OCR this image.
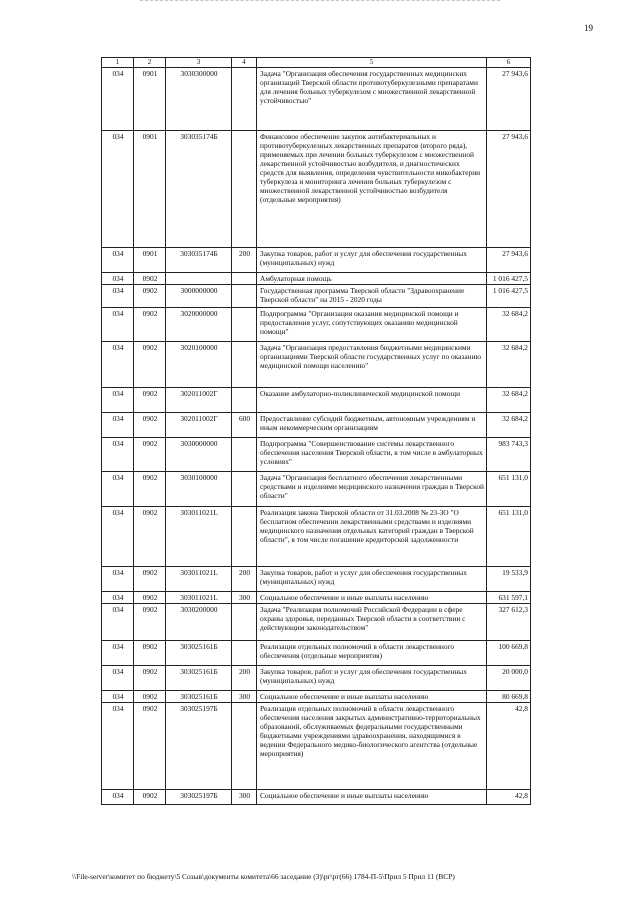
19
1	2	3	4	5	6
034	0901	3030300000		Задача "Организация обеспечения государственных медицинских организаций Тверской области противотуберкулезными препаратами для лечения больных туберкулезом с множественной лекарственной устойчивостью"	27 943,6
034	0901	303035174Б		Финансовое обеспечение закупок антибактериальных и противотуберкулезных лекарственных препаратов (второго ряда), применяемых при лечении больных туберкулезом с множественной лекарственной устойчивостью возбудителя, и диагностических средств для выявления, определения чувствительности микобактерии туберкулеза и мониторинга лечения больных туберкулезом с множественной лекарственной устойчивостью возбудителя (отдельные мероприятия)	27 943,6
034	0901	303035174Б	200	Закупка товаров, работ и услуг для обеспечения государственных (муниципальных) нужд	27 943,6
034	0902			Амбулаторная помощь	1 016 427,5
034	0902	3000000000		Государственная программа Тверской области "Здравоохранение Тверской области" на 2015 - 2020 годы	1 016 427,5
034	0902	3020000000		Подпрограмма "Организация оказания медицинской помощи и предоставления услуг, сопутствующих оказанию медицинской помощи"	32 684,2
034	0902	3020100000		Задача "Организация предоставления бюджетными медицинскими организациями Тверской области государственных услуг по оказанию медицинской помощи населению"	32 684,2
034	0902	302011002Г		Оказание амбулаторно-поликлинической медицинской помощи	32 684,2
034	0902	302011002Г	600	Предоставление субсидий бюджетным, автономным учреждениям и иным некоммерческим организациям	32 684,2
034	0902	3030000000		Подпрограмма "Совершенствование системы лекарственного обеспечения населения Тверской области, в том числе в амбулаторных условиях"	983 743,3
034	0902	3030100000		Задача "Организация бесплатного обеспечения лекарственными средствами и изделиями медицинского назначения граждан в Тверской области"	651 131,0
034	0902	303011021L		Реализация закона Тверской области от 31.03.2008 № 23-ЗО "О бесплатном обеспечении лекарственными средствами и изделиями медицинского назначения отдельных категорий граждан в Тверской области", в том числе погашение кредиторской задолженности	651 131,0
034	0902	303011021L	200	Закупка товаров, работ и услуг для обеспечения государственных (муниципальных) нужд	19 533,9
034	0902	303011021L	300	Социальное обеспечение и иные выплаты населению	631 597,1
034	0902	3030200000		Задача "Реализация полномочий Российской Федерации в сфере охраны здоровья, переданных Тверской области в соответствии с действующим законодательством"	327 612,3
034	0902	303025161Б		Реализация отдельных полномочий в области лекарственного обеспечения (отдельные мероприятия)	100 669,8
034	0902	303025161Б	200	Закупка товаров, работ и услуг для обеспечения государственных (муниципальных) нужд	20 000,0
034	0902	303025161Б	300	Социальное обеспечение и иные выплаты населению	80 669,8
034	0902	303025197Б		Реализация отдельных полномочий в области лекарственного обеспечения населения закрытых административно-территориальных образований, обслуживаемых федеральными государственными бюджетными учреждениями здравоохранения, находящимися в ведении Федерального медико-биологического агентства (отдельные мероприятия)	42,8
034	0902	303025197Б	300	Социальное обеспечение и иные выплаты населению	42,8
\\File-server\комитет по бюджету\5 Созыв\документы комитета\66 заседание (3)\рг\рг(66) 1784-П-5\Прил 5 Прил 11 (ВСР)
